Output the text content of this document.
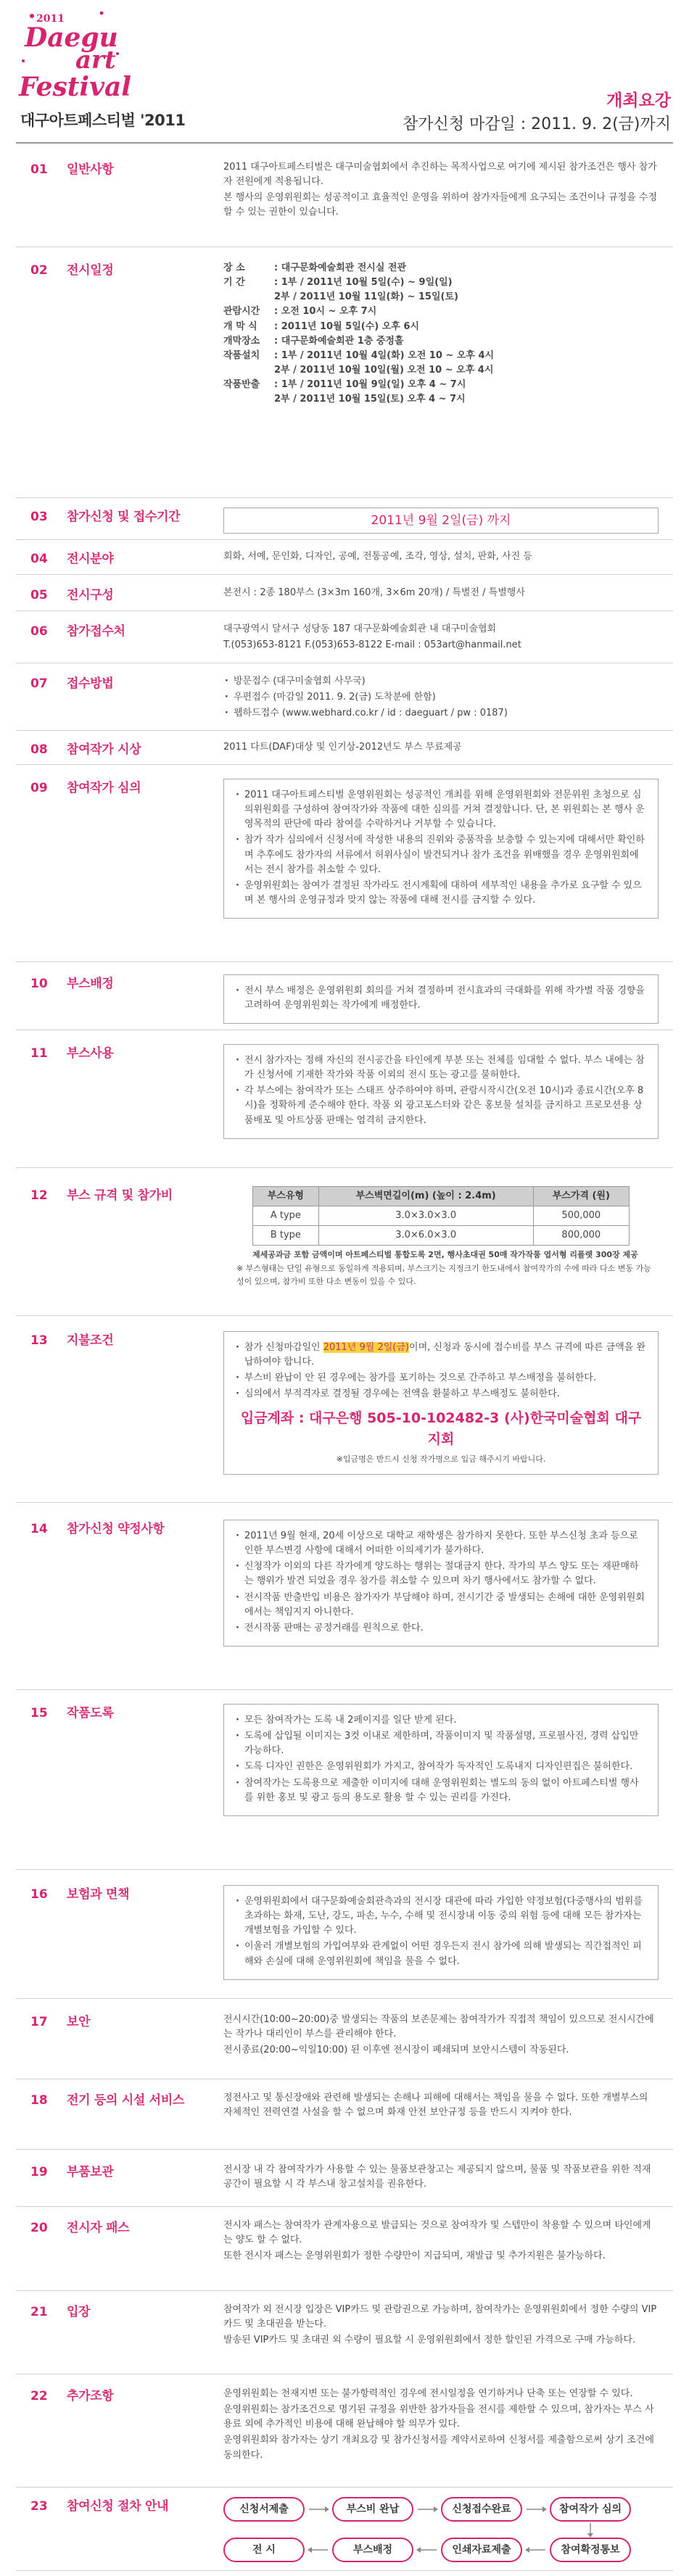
2011
Daegu
art
Festival
대구아트페스티벌 '2011
개최요강
참가신청 마감일 : 2011. 9. 2(금)까지
01 일반사항	2011 대구아트페스티벌은 대구미술협회에서 추진하는 목적사업으로 여기에 제시된 참가조건은 행사 참가자 전원에게 적용됩니다.

본 행사의 운영위원회는 성공적이고 효율적인 운영을 위하여 참가자들에게 요구되는 조건이나 규정을 수정할 수 있는 권한이 있습니다.

02 전시일정	장 소	: 대구문화예술회관 전시실 전관
기 간	: 1부 / 2011년 10월 5일(수) ~ 9일(일)
2부 / 2011년 10월 11일(화) ~ 15일(토)
관람시간	: 오전 10시 ~ 오후 7시
개 막 식	: 2011년 10월 5일(수) 오후 6시
개막장소	: 대구문화예술회관 1층 중정홀
작품설치	: 1부 / 2011년 10월 4일(화) 오전 10 ~ 오후 4시
2부 / 2011년 10월 10일(월) 오전 10 ~ 오후 4시
작품반출	: 1부 / 2011년 10월 9일(일) 오후 4 ~ 7시
2부 / 2011년 10월 15일(토) 오후 4 ~ 7시
03 참가신청 및 접수기간	2011년 9월 2일(금) 까지
04 전시분야	회화, 서예, 문인화, 디자인, 공예, 전통공예, 조각, 영상, 설치, 판화, 사진 등

05 전시구성	본전시 : 2종 180부스 (3×3m 160개, 3×6m 20개) / 특별전 / 특별행사

06 참가접수처	대구광역시 달서구 성당동 187 대구문화예술회관 내 대구미술협회

T.(053)653-8121 F.(053)653-8122 E-mail : 053art@hanmail.net

07 접수방법	· 방문접수 (대구미술협회 사무국)
· 우편접수 (마감일 2011. 9. 2(금) 도착분에 한함)
· 웹하드접수 (www.webhard.co.kr / id : daeguart / pw : 0187)
08 참여작가 시상	2011 다트(DAF)대상 및 인기상-2012년도 부스 무료제공

09 참여작가 심의	· 2011 대구아트페스티벌 운영위원회는 성공적인 개최를 위해 운영위원회와 전문위원 초청으로 심의위원회를 구성하여 참여작가와 작품에 대한 심의를 거쳐 결정합니다. 단, 본 위원회는 본 행사 운영목적의 판단에 따라 참여를 수락하거나 거부할 수 있습니다.
· 참가 작가 심의에서 신청서에 작성한 내용의 진위와 중품작을 보충할 수 있는지에 대해서만 확인하며 추후에도 참가자의 서류에서 허위사실이 발견되거나 참가 조건을 위배했을 경우 운영위원회에서는 전시 참가를 취소할 수 있다.
· 운영위원회는 참여가 결정된 작가라도 전시계획에 대하여 세부적인 내용을 추가로 요구할 수 있으며 본 행사의 운영규정과 맞지 않는 작품에 대해 전시를 금지할 수 있다.
10 부스배정	· 전시 부스 배정은 운영위원회 회의를 거쳐 결정하며 전시효과의 극대화를 위해 작가별 작품 경향을 고려하여 운영위원회는 작가에게 배정한다.
11 부스사용	· 전시 참가자는 정해 자신의 전시공간을 타인에게 부분 또는 전체를 임대할 수 없다. 부스 내에는 참가 신청서에 기재한 작가와 작품 이외의 전시 또는 광고를 불허한다.
· 각 부스에는 참여작가 또는 스태프 상주하여야 하며, 관람시작시간(오전 10시)과 종료시간(오후 8시)을 정확하게 준수해야 한다. 작품 외 광고포스터와 같은 홍보물 설치를 금지하고 프로모션용 상품배포 및 아트상품 판매는 엄격히 금지한다.
12 부스 규격 및 참가비	부스유형	부스벽면길이(m) (높이 : 2.4m)	부스가격 (원)
A type	3.0×3.0×3.0	500,000
B type	3.0×6.0×3.0	800,000
제세공과금 포함 금액이며 아트페스티벌 통합도록 2면, 행사초대권 50매 작가작품 엽서형 리플렛 300장 제공
※ 부스형태는 단일 유형으로 동일하게 적용되며, 부스크기는 지정크기 한도내에서 참여작가의 수에 따라 다소 변동 가능성이 있으며, 참가비 또한 다소 변동이 있을 수 있다.
13 지불조건	· 참가 신청마감일인 2011년 9월 2일(금)이며, 신청과 동시에 접수비를 부스 규격에 따른 금액을 완납하여야 합니다.
· 부스비 완납이 안 된 경우에는 참가를 포기하는 것으로 간주하고 부스배정을 불허한다.
· 심의에서 부적격자로 결정될 경우에는 전액을 환불하고 부스배정도 불허한다.
입금계좌 : 대구은행 505-10-102482-3 (사)한국미술협회 대구지회
※입금명은 반드시 신청 작가명으로 입금 해주시기 바랍니다.
14 참가신청 약정사항	· 2011년 9월 현재, 20세 이상으로 대학교 재학생은 참가하지 못한다. 또한 부스신청 초과 등으로 인한 부스변경 사항에 대해서 어떠한 이의제기가 불가하다.
· 신청작가 이외의 다른 작가에게 양도하는 행위는 절대금지 한다. 작가의 부스 양도 또는 재판매하는 행위가 발견 되었을 경우 참가를 취소할 수 있으며 차기 행사에서도 참가할 수 없다.
· 전시작품 반출반입 비용은 참가자가 부담해야 하며, 전시기간 중 발생되는 손해에 대한 운영위원회에서는 책임지지 아니한다.
· 전시작품 판매는 공정거래를 원칙으로 한다.
15 작품도록	· 모든 참여작가는 도록 내 2페이지를 일단 받게 된다.
· 도록에 삽입될 이미지는 3컷 이내로 제한하며, 작품이미지 및 작품설명, 프로필사진, 경력 삽입만 가능하다.
· 도록 디자인 권한은 운영위원회가 가지고, 참여작가 독자적인 도록내지 디자인편집은 불허한다.
· 참여작가는 도록용으로 제출한 이미지에 대해 운영위원회는 별도의 동의 없이 아트페스티벌 행사를 위한 홍보 및 광고 등의 용도로 활용 할 수 있는 권리를 가진다.
16 보험과 면책	· 운영위원회에서 대구문화예술회관측과의 전시장 대관에 따라 가입한 약정보험(다중행사의 범위를 초과하는 화재, 도난, 강도, 파손, 누수, 수해 및 전시장내 이동 중의 위험 등에 대해 모든 참가자는 개별보험을 가입할 수 있다.
· 이울러 개별보험의 가입여부와 관계없이 어떤 경우든지 전시 참가에 의해 발생되는 직간접적인 피해와 손실에 대해 운영위원회에 책임을 물을 수 없다.
17 보안	전시시간(10:00~20:00)중 발생되는 작품의 보존문제는 참여작가가 직접적 책임이 있으므로 전시시간에는 작가나 대리인이 부스를 관리해야 한다.

전시종료(20:00~익일10:00) 된 이후엔 전시장이 폐쇄되며 보안시스템이 작동된다.

18 전기 등의 시설 서비스	정전사고 및 통신장애와 관련해 발생되는 손해나 피해에 대해서는 책임을 물을 수 없다. 또한 개별부스의 자체적인 전력연결 사설을 할 수 없으며 화재 안전 보안규정 등을 반드시 지켜야 한다.

19 부품보관	전시장 내 각 참여작가가 사용할 수 있는 물품보관창고는 제공되지 않으며, 물품 및 작품보관을 위한 적재공간이 필요할 시 각 부스내 창고설치를 권유한다.

20 전시자 패스	전시자 패스는 참여작가 관계자용으로 발급되는 것으로 참여작가 및 스텝만이 착용할 수 있으며 타인에게는 양도 할 수 없다.

또한 전시자 패스는 운영위원회가 정한 수량만이 지급되며, 재발급 및 추가지원은 불가능하다.

21 입장	참여작가 외 전시장 입장은 VIP카드 및 관람권으로 가능하며, 참여작가는 운영위원회에서 정한 수량의 VIP카드 및 초대권을 받는다.

발송된 VIP카드 및 초대권 외 수량이 필요할 시 운영위원회에서 정한 할인된 가격으로 구매 가능하다.

22 추가조항	운영위원회는 천재지변 또는 불가항력적인 경우에 전시일정을 연기하거나 단축 또는 연장할 수 있다.

운영위원회는 참가조건으로 명기된 규정을 위반한 참가자들을 전시를 제한할 수 있으며, 참가자는 부스 사용료 외에 추가적인 비용에 대해 완납해야 할 의무가 있다.

운영위원회와 참가자는 상기 개최요강 및 참가신청서를 계약서로하여 신청서를 제출함으로써 상기 조건에 동의한다.

23 참여신청 절차 안내	신청서제출	부스비 완납	신청접수완료	참여작가 심의
전 시	부스배정	인쇄자료제출	참여확정통보
